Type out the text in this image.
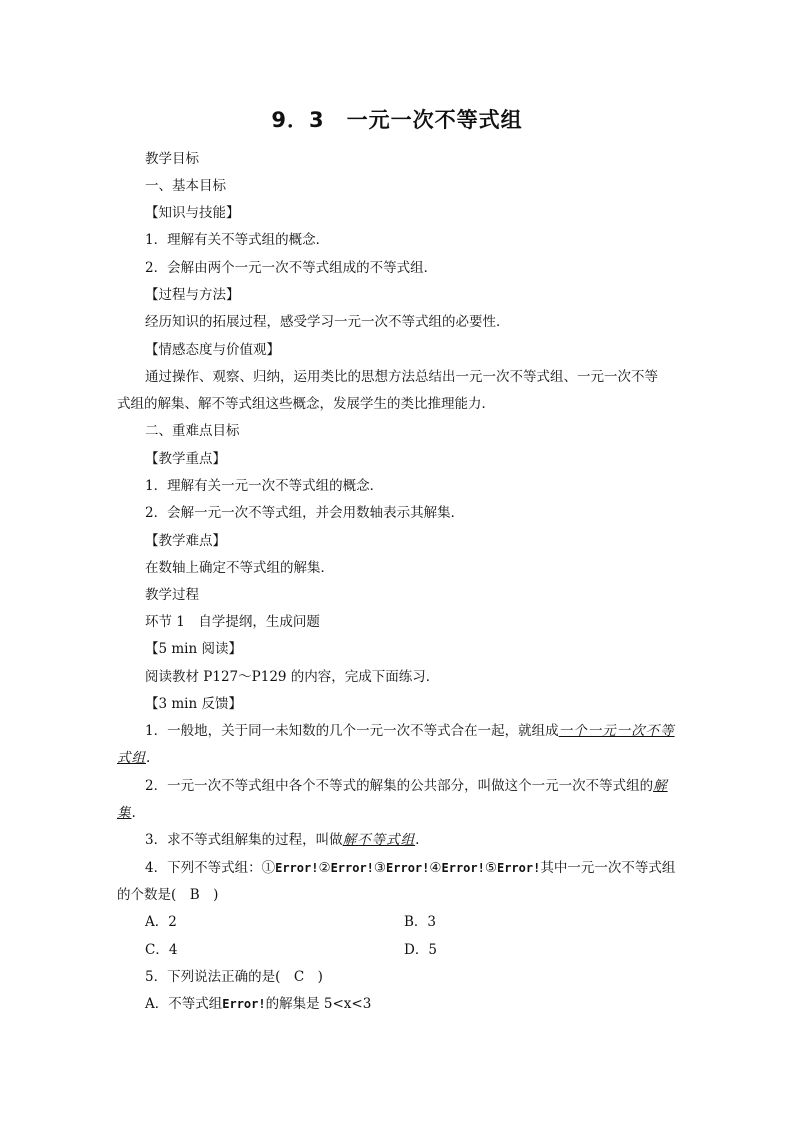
9．3　一元一次不等式组
教学目标
一、基本目标
【知识与技能】
1．理解有关不等式组的概念．
2．会解由两个一元一次不等式组成的不等式组．
【过程与方法】
经历知识的拓展过程，感受学习一元一次不等式组的必要性．
【情感态度与价值观】
通过操作、观察、归纳，运用类比的思想方法总结出一元一次不等式组、一元一次不等
式组的解集、解不等式组这些概念，发展学生的类比推理能力．
二、重难点目标
【教学重点】
1．理解有关一元一次不等式组的概念．
2．会解一元一次不等式组，并会用数轴表示其解集．
【教学难点】
在数轴上确定不等式组的解集．
教学过程
环节 1　自学提纲，生成问题
【5 min 阅读】
阅读教材 P127～P129 的内容，完成下面练习．
【3 min 反馈】
1．一般地，关于同一未知数的几个一元一次不等式合在一起，就组成一个一元一次不等
式组.
2．一元一次不等式组中各个不等式的解集的公共部分，叫做这个一元一次不等式组的解
集.
3．求不等式组解集的过程，叫做解不等式组.
4．下列不等式组：①Error!②Error!③Error!④Error!⑤Error!其中一元一次不等式组
的个数是(　B　)
A．2	B．3
C．4	D．5
5．下列说法正确的是(　C　)
A．不等式组Error!的解集是 5<x<3
